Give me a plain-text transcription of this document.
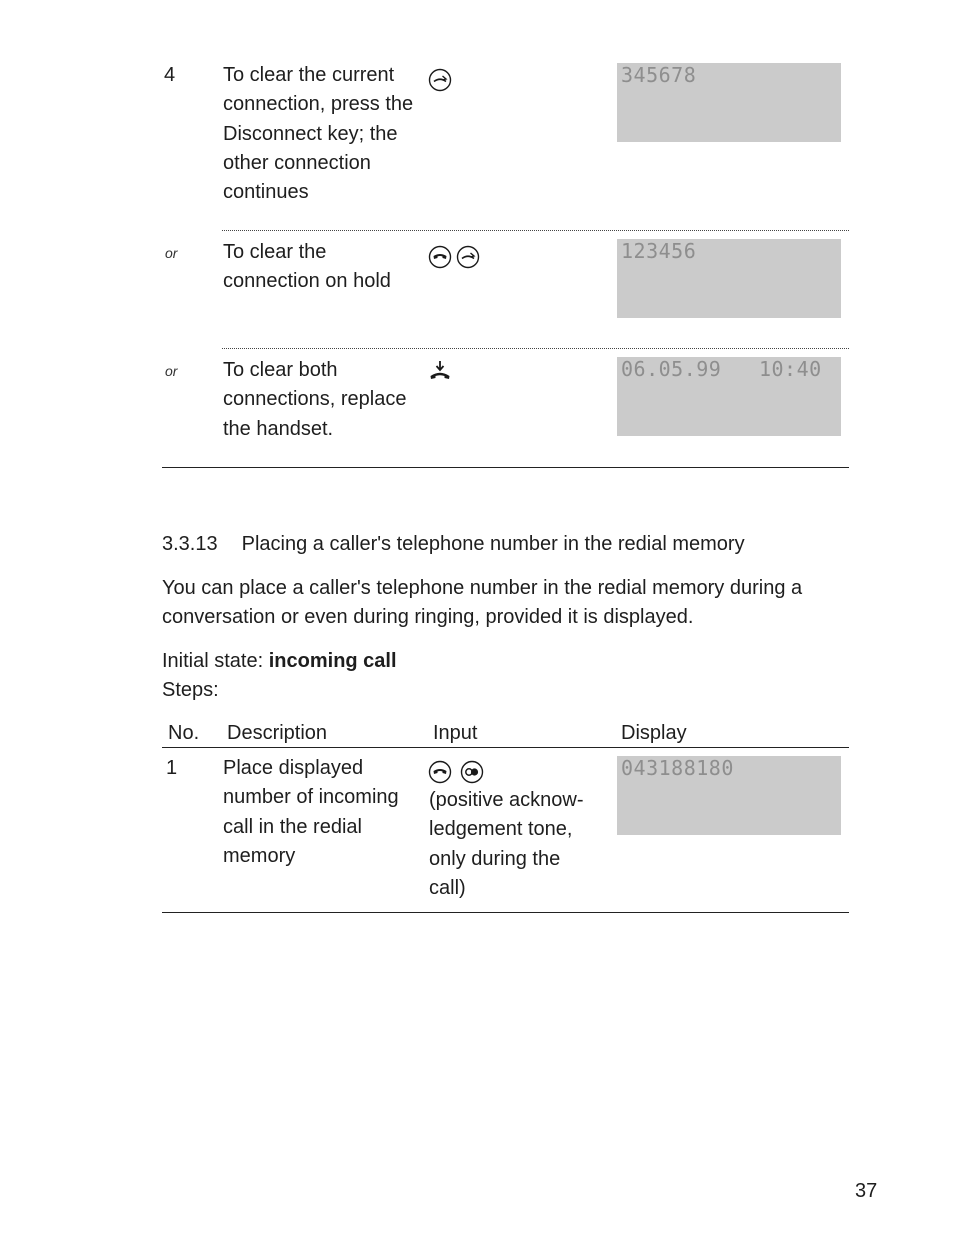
4 To clear the current
connection, press the
Disconnect key; the
other connection
continues
345678
or To clear the
connection on hold
123456
or To clear both
connections, replace
the handset.
06.05.99   10:40
3.3.13 Placing a caller's telephone number in the redial memory
You can place a caller's telephone number in the redial memory during a
conversation or even during ringing, provided it is displayed.
Initial state: incoming call
Steps:
No. Description	Input	Display
1 Place displayed
number of incoming
call in the redial
memory
(positive acknow-
ledgement tone,
only during the
call)
043188180
37
